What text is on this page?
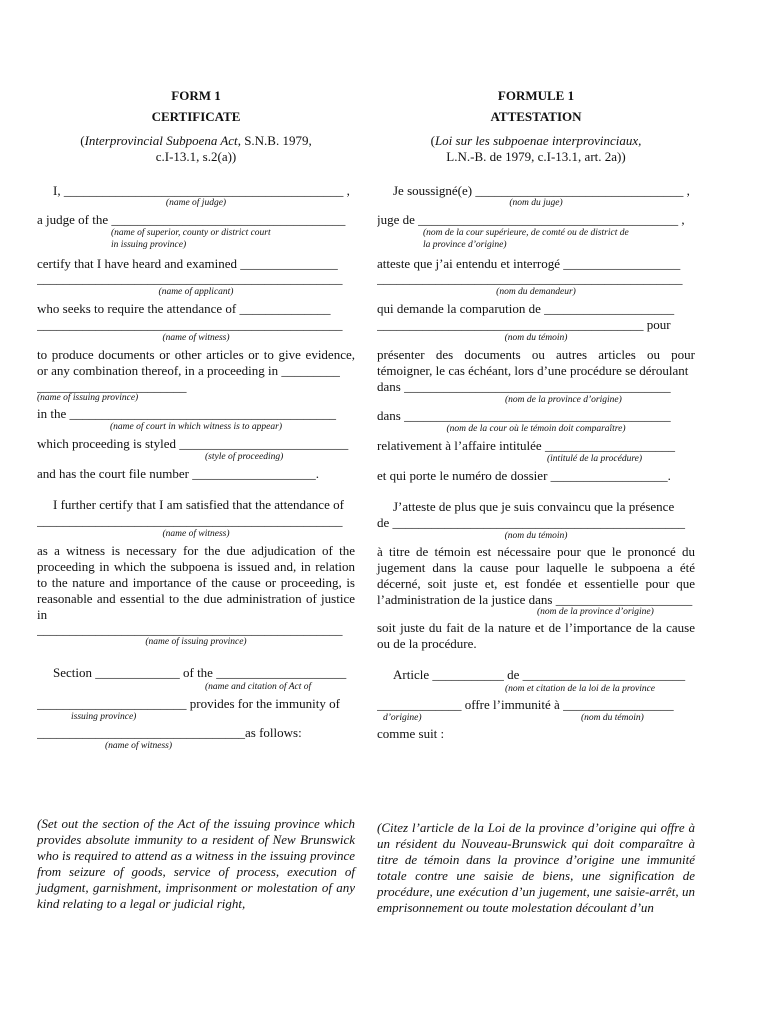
FORM 1
CERTIFICATE
(Interprovincial Subpoena Act, S.N.B. 1979,
c.I-13.1, s.2(a))
I, ___________________________________________ ,
(name of judge)
a judge of the ____________________________________
(name of superior, county or district court
in issuing province)
certify that I have heard and examined _______________
_______________________________________________
(name of applicant)
who seeks to require the attendance of ______________
_______________________________________________
(name of witness)
to produce documents or other articles or to give evidence, or any combination thereof, in a proceeding in _________
_______________________
(name of issuing province)
in the _________________________________________
(name of court in which witness is to appear)
which proceeding is styled __________________________
(style of proceeding)
and has the court file number ___________________.
I further certify that I am satisfied that the attendance of
_______________________________________________
(name of witness)
as a witness is necessary for the due adjudication of the proceeding in which the subpoena is issued and, in relation to the nature and importance of the cause or proceeding, is reasonable and essential to the due administration of justice in
_______________________________________________
(name of issuing province)
Section _____________ of the ____________________
(name and citation of Act of
_______________________ provides for the immunity of
issuing province)
________________________________as follows:
(name of witness)
(Set out the section of the Act of the issuing province which provides absolute immunity to a resident of New Brunswick who is required to attend as a witness in the issuing province from seizure of goods, service of process, execution of judgment, garnishment, imprisonment or molestation of any kind relating to a legal or judicial right,
FORMULE 1
ATTESTATION
(Loi sur les subpoenae interprovinciaux,
L.N.-B. de 1979, c.I-13.1, art. 2a))
Je soussigné(e) ________________________________ ,
(nom du juge)
juge de ________________________________________ ,
(nom de la cour supérieure, de comté ou de district de
la province d’origine)
atteste que j’ai entendu et interrogé __________________
_______________________________________________
(nom du demandeur)
qui demande la comparution de ____________________
_________________________________________ pour
(nom du témoin)
présenter des documents ou autres articles ou pour témoigner, le cas échéant, lors d’une procédure se déroulant
dans _________________________________________
(nom de la province d’origine)
dans _________________________________________
(nom de la cour où le témoin doit comparaître)
relativement à l’affaire intitulée ____________________
(intitulé de la procédure)
et qui porte le numéro de dossier __________________.
J’atteste de plus que je suis convaincu que la présence
de _____________________________________________
(nom du témoin)
à titre de témoin est nécessaire pour que le prononcé du jugement dans la cause pour laquelle le subpoena a été décerné, soit juste et, est fondée et essentielle pour que l’administration de la justice dans _____________________
(nom de la province d’origine)
soit juste du fait de la nature et de l’importance de la cause ou de la procédure.
Article ___________ de _________________________
(nom et citation de la loi de la province
_____________ offre l’immunité à _________________
d’origine)	(nom du témoin)
comme suit :
(Citez l’article de la Loi de la province d’origine qui offre à un résident du Nouveau-Brunswick qui doit comparaître à titre de témoin dans la province d’origine une immunité totale contre une saisie de biens, une signification de procédure, une exécution d’un jugement, une saisie-arrêt, un emprisonnement ou toute molestation découlant d’un
